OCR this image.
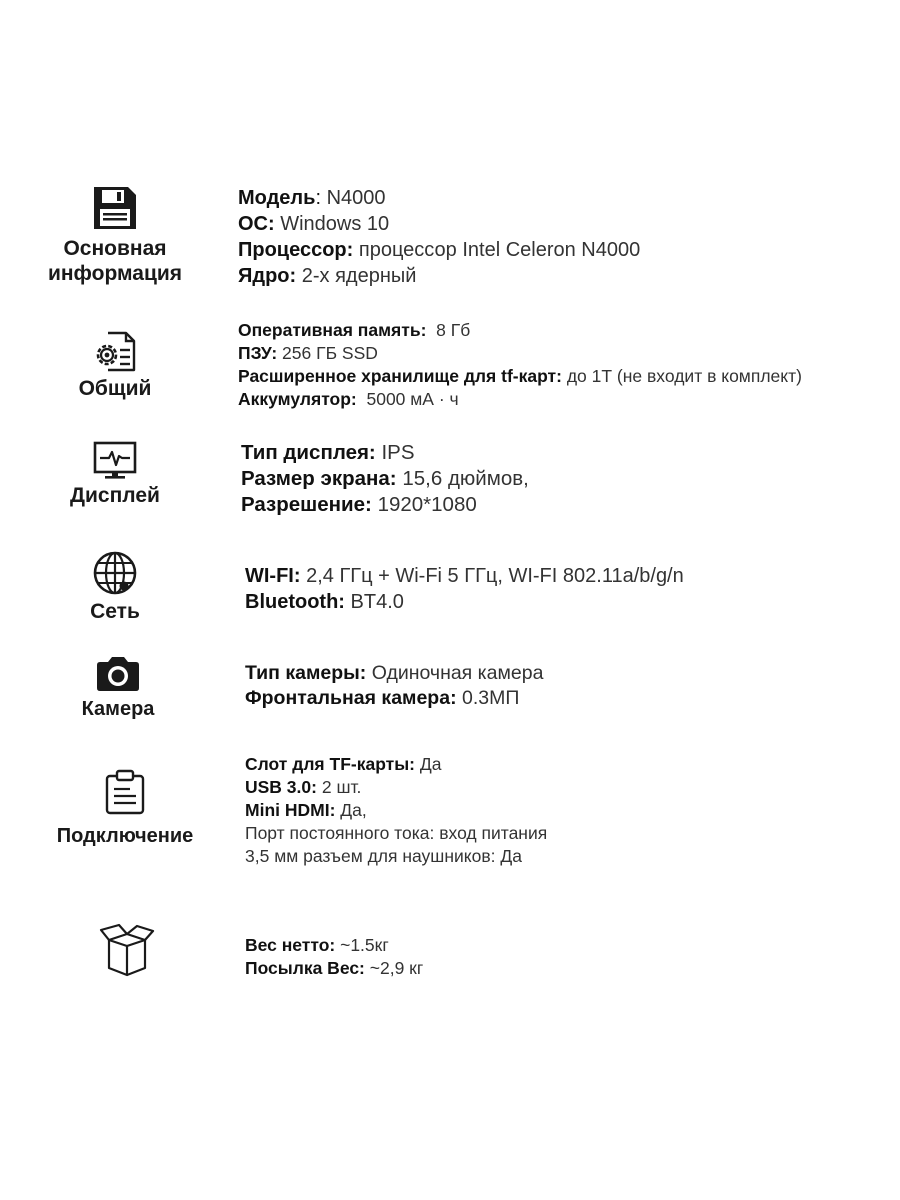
Основная
информация
Модель: N4000
ОС: Windows 10
Процессор: процессор Intel Celeron N4000
Ядро: 2-х ядерный
Общий
Оперативная память: 8 Гб
ПЗУ: 256 ГБ SSD
Расширенное хранилище для tf-карт: до 1Т (не входит в комплект)
Аккумулятор: 5000 мА · ч
Дисплей
Тип дисплея: IPS
Размер экрана: 15,6 дюймов,
Разрешение: 1920*1080
Сеть
WI-FI: 2,4 ГГц + Wi-Fi 5 ГГц, WI-FI 802.11a/b/g/n
Bluetooth: BT4.0
Камера
Тип камеры: Одиночная камера
Фронтальная камера: 0.3МП
Подключение
Слот для TF-карты: Да
USB 3.0: 2 шт.
Mini HDMI: Да,
Порт постоянного тока: вход питания
3,5 мм разъем для наушников: Да
Вес нетто: ~1.5кг
Посылка Вес: ~2,9 кг
